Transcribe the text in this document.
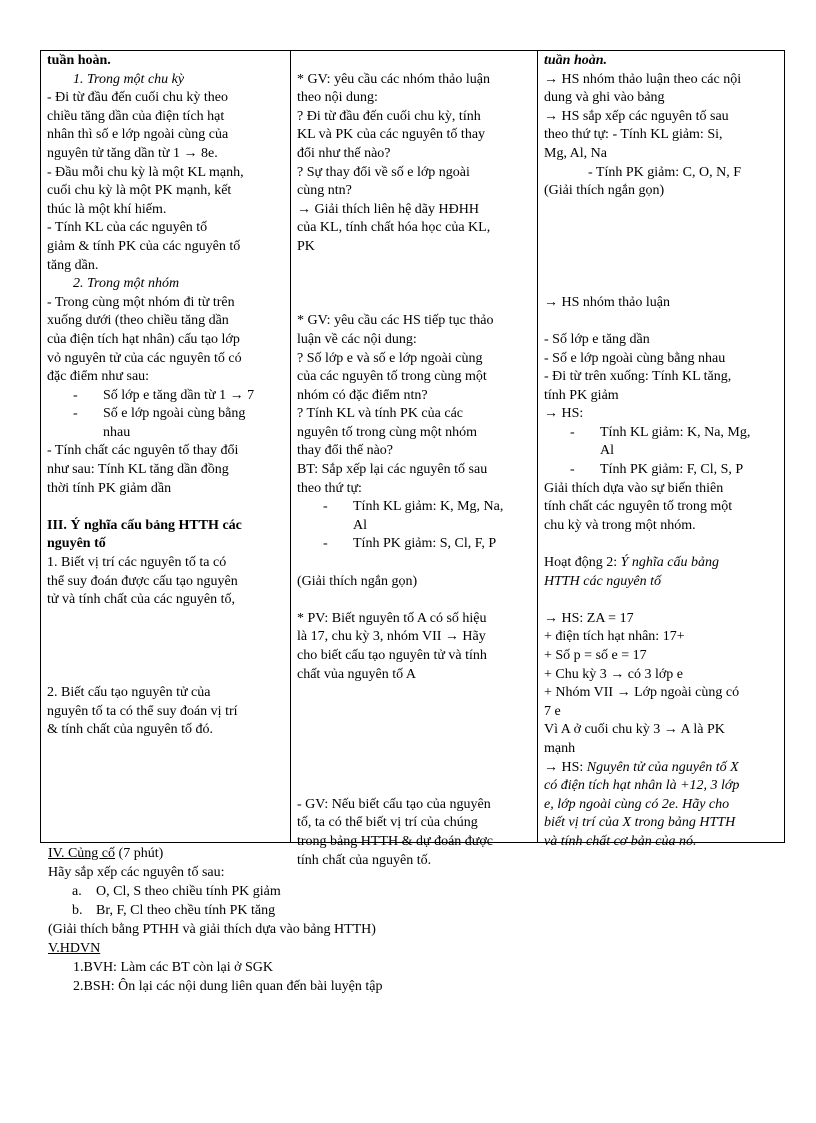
tuần hoàn.
1. Trong một chu kỳ
- Đi từ đầu đến cuối chu kỳ theo
chiều tăng dần của điện tích hạt
nhân thì số e lớp ngoài cùng của
nguyên tử tăng dần từ 1 → 8e.
- Đầu mỗi chu kỳ là một KL mạnh,
cuối chu kỳ là một PK mạnh, kết
thúc là một khí hiếm.
- Tính KL của các nguyên tố
giảm & tính PK của các nguyên tố
tăng dần.
2. Trong một nhóm
- Trong cùng một nhóm đi từ trên
xuống dưới (theo chiều tăng dần
của điện tích hạt nhân) cấu tạo lớp
vỏ nguyên tử của các nguyên tố có
đặc điểm như sau:
- Số lớp e tăng dần từ 1 → 7
- Số e lớp ngoài cùng bằng
nhau
- Tính chất các nguyên tố thay đổi
như sau: Tính KL tăng dần đồng
thời tính PK giảm dần
III. Ý nghĩa cấu bảng HTTH các
nguyên tố
1. Biết vị trí các nguyên tố ta có
thể suy đoán được cấu tạo nguyên
tử và tính chất của các nguyên tố,
2. Biết cấu tạo nguyên tử của
nguyên tố ta có thể suy đoán vị trí
& tính chất của nguyên tố đó.
* GV: yêu cầu các nhóm thảo luận
theo nội dung:
? Đi từ đầu đến cuối chu kỳ, tính
KL và PK của các nguyên tố thay
đổi như thế nào?
? Sự thay đổi về số e lớp ngoài
cùng ntn?
→ Giải thích liên hệ dãy HĐHH
của KL, tính chất hóa học của KL,
PK
* GV: yêu cầu các HS tiếp tục thảo
luận về các nội dung:
? Số lớp e và số e lớp ngoài cùng
của các nguyên tố trong cùng một
nhóm có đặc điểm ntn?
? Tính KL và tính PK của các
nguyên tố trong cùng một nhóm
thay đổi thế nào?
BT: Sắp xếp lại các nguyên tố sau
theo thứ tự:
- Tính KL giảm: K, Mg, Na,
Al
- Tính PK giảm: S, Cl, F, P
(Giải thích ngắn gọn)
* PV: Biết nguyên tố A có số hiệu
là 17, chu kỳ 3, nhóm VII → Hãy
cho biết cấu tạo nguyên tử và tính
chất vủa nguyên tố A
- GV: Nếu biết cấu tạo của nguyên
tố, ta có thể biết vị trí của chúng
trong bảng HTTH & dự đoán được
tính chất của nguyên tố.
tuần hoàn.
→ HS nhóm thảo luận theo các nội
dung và ghi vào bảng
→ HS sắp xếp các nguyên tố sau
theo thứ tự: - Tính KL giảm: Si,
Mg, Al, Na
- Tính PK giảm: C, O, N, F
(Giải thích ngắn gọn)
→ HS nhóm thảo luận
- Số lớp e tăng dần
- Số e lớp ngoài cùng bằng nhau
- Đi từ trên xuống: Tính KL tăng,
tính PK giảm
→ HS:
- Tính KL giảm: K, Na, Mg,
Al
- Tính PK giảm: F, Cl, S, P
Giải thích dựa vào sự biến thiên
tính chất các nguyên tố trong một
chu kỳ và trong một nhóm.
Hoạt động 2: Ý nghĩa cấu bảng
HTTH các nguyên tố
→ HS: ZA = 17
+ điện tích hạt nhân: 17+
+ Số p = số e = 17
+ Chu kỳ 3 → có 3 lớp e
+ Nhóm VII → Lớp ngoài cùng có
7 e
Vì A ở cuối chu kỳ 3 → A là PK
mạnh
→ HS: Nguyên tử của nguyên tố X
có điện tích hạt nhân là +12, 3 lớp
e, lớp ngoài cùng có 2e. Hãy cho
biết vị trí của X trong bảng HTTH
và tính chất cơ bản của nó.
IV. Củng cố (7 phút)
Hãy sắp xếp các nguyên tố sau:
a. O, Cl, S theo chiều tính PK giảm
b. Br, F, Cl theo chều tính PK tăng
(Giải thích bằng PTHH và giải thích dựa vào bảng HTTH)
V.HDVN
1.BVH: Làm các BT còn lại ở SGK
2.BSH: Ôn lại các nội dung liên quan đến bài luyện tập
